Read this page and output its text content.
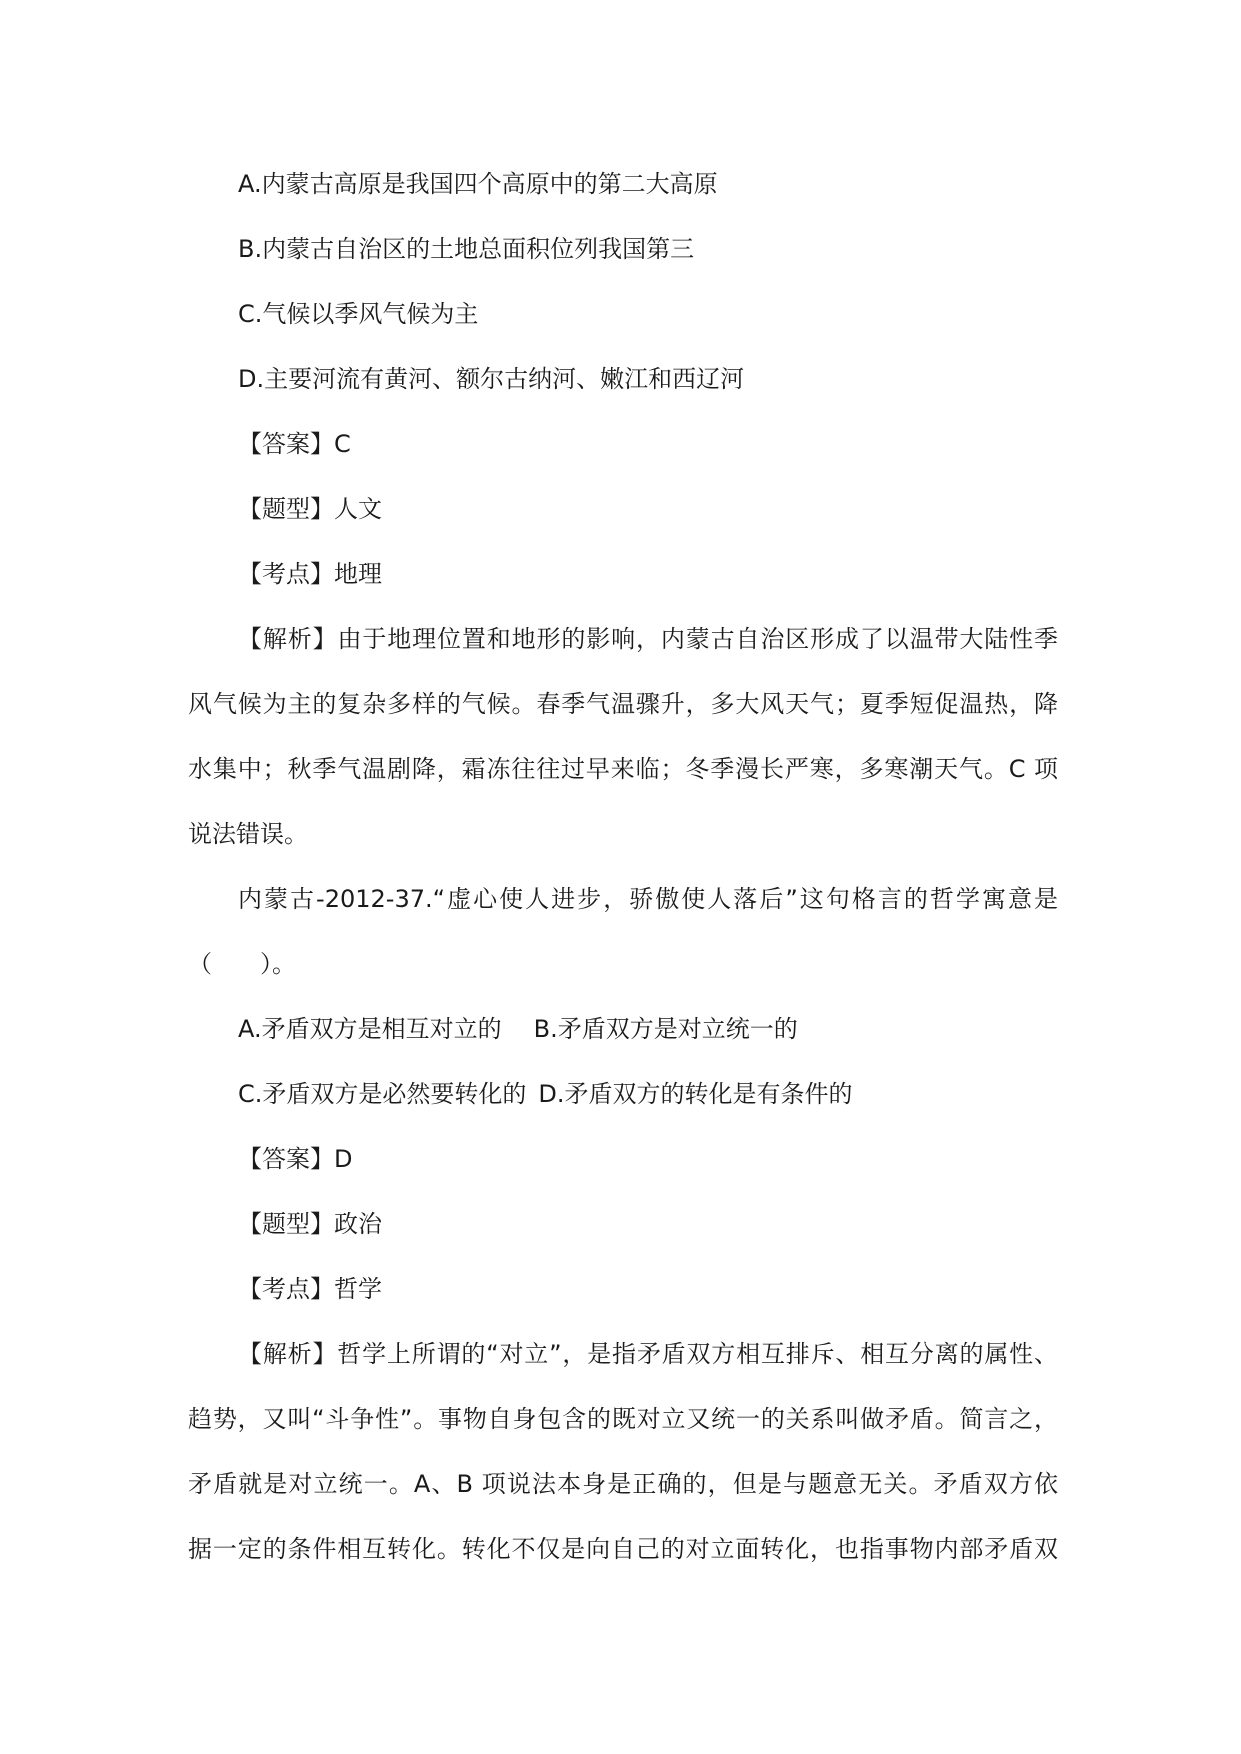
A.内蒙古高原是我国四个高原中的第二大高原
B.内蒙古自治区的土地总面积位列我国第三
C.气候以季风气候为主
D.主要河流有黄河、额尔古纳河、嫩江和西辽河
【答案】C
【题型】人文
【考点】地理
【解析】由于地理位置和地形的影响，内蒙古自治区形成了以温带大陆性季
风气候为主的复杂多样的气候。春季气温骤升，多大风天气；夏季短促温热，降
水集中；秋季气温剧降，霜冻往往过早来临；冬季漫长严寒，多寒潮天气。C 项
说法错误。
内蒙古-2012-37.“虚心使人进步，骄傲使人落后”这句格言的哲学寓意是
（　　）。
A.矛盾双方是相互对立的 B.矛盾双方是对立统一的
C.矛盾双方是必然要转化的 D.矛盾双方的转化是有条件的
【答案】D
【题型】政治
【考点】哲学
【解析】哲学上所谓的“对立”，是指矛盾双方相互排斥、相互分离的属性、
趋势，又叫“斗争性”。事物自身包含的既对立又统一的关系叫做矛盾。简言之，
矛盾就是对立统一。A、B 项说法本身是正确的，但是与题意无关。矛盾双方依
据一定的条件相互转化。转化不仅是向自己的对立面转化，也指事物内部矛盾双
